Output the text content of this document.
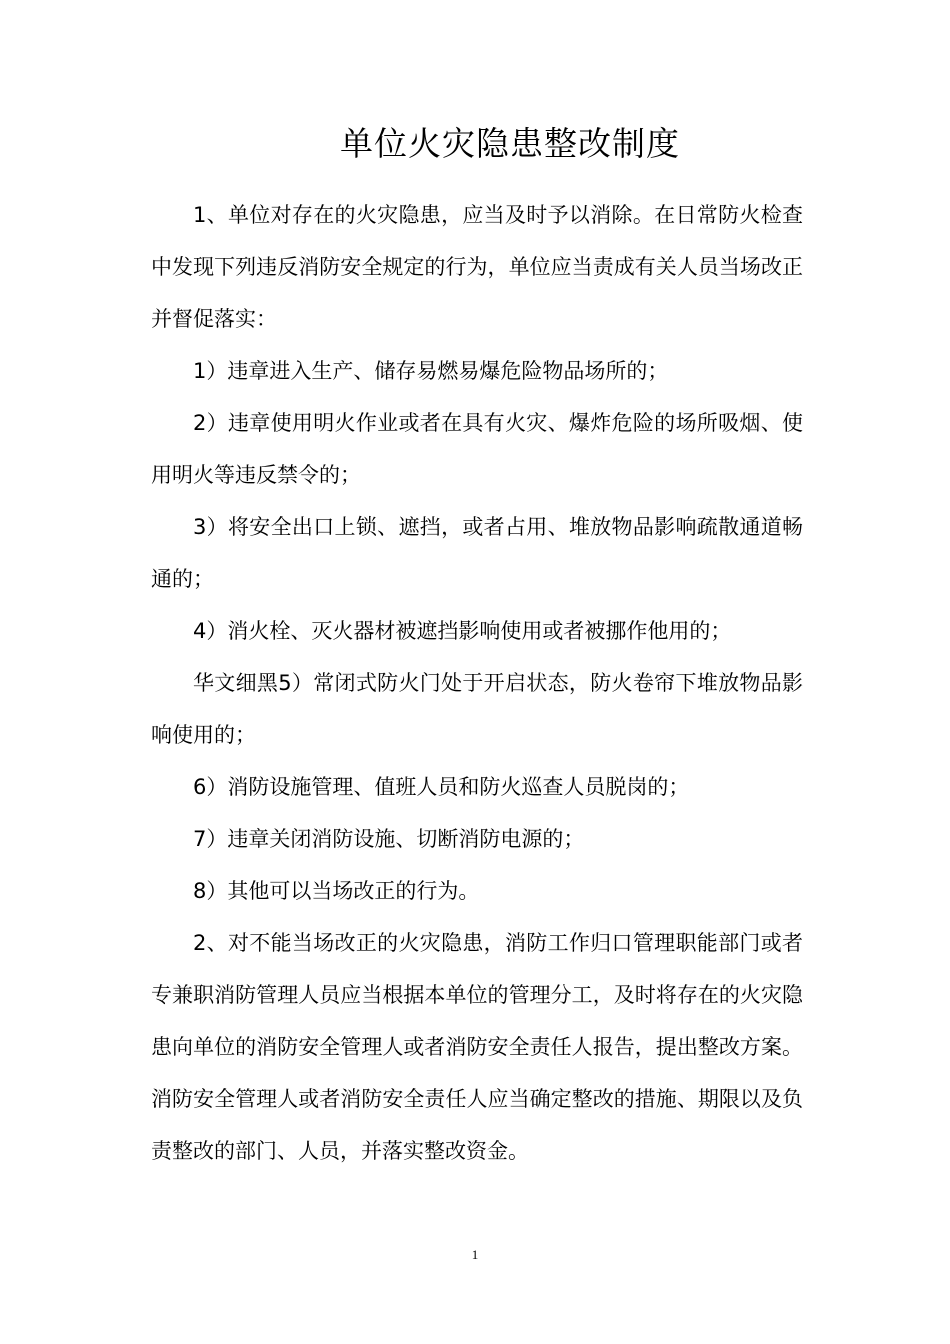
单位火灾隐患整改制度

1、单位对存在的火灾隐患，应当及时予以消除。在日常防火检查中发现下列违反消防安全规定的行为，单位应当责成有关人员当场改正并督促落实：

1）违章进入生产、储存易燃易爆危险物品场所的；

2）违章使用明火作业或者在具有火灾、爆炸危险的场所吸烟、使用明火等违反禁令的；

3）将安全出口上锁、遮挡，或者占用、堆放物品影响疏散通道畅通的；

4）消火栓、灭火器材被遮挡影响使用或者被挪作他用的；

华文细黑5）常闭式防火门处于开启状态，防火卷帘下堆放物品影响使用的；

6）消防设施管理、值班人员和防火巡查人员脱岗的；

7）违章关闭消防设施、切断消防电源的；

8）其他可以当场改正的行为。

2、对不能当场改正的火灾隐患，消防工作归口管理职能部门或者专兼职消防管理人员应当根据本单位的管理分工，及时将存在的火灾隐患向单位的消防安全管理人或者消防安全责任人报告，提出整改方案。消防安全管理人或者消防安全责任人应当确定整改的措施、期限以及负责整改的部门、人员，并落实整改资金。

1
